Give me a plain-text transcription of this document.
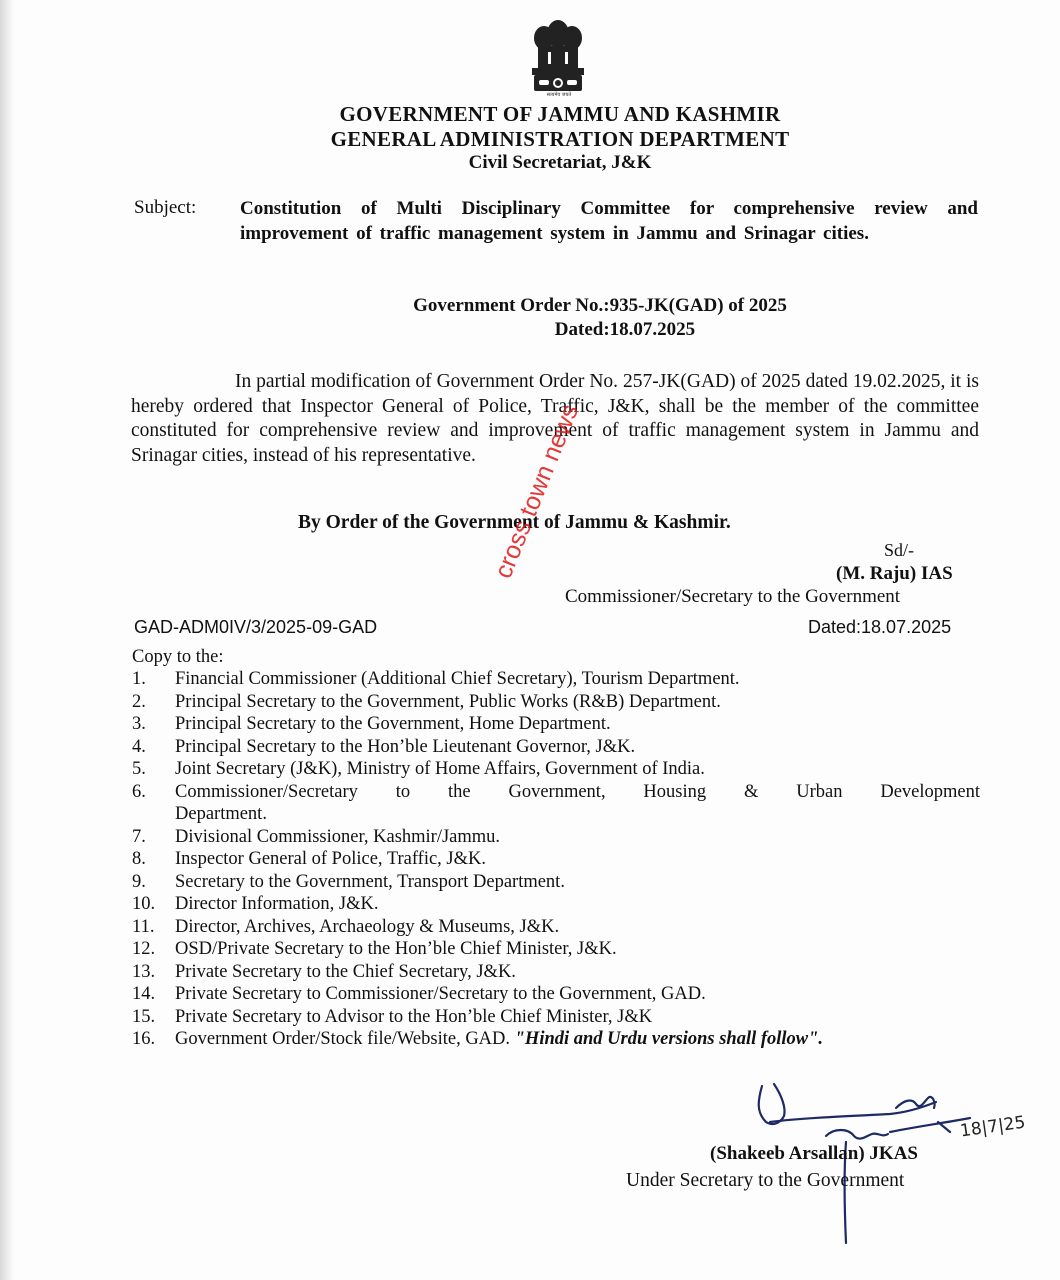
सत्यमेव जयते
GOVERNMENT OF JAMMU AND KASHMIR
GENERAL ADMINISTRATION DEPARTMENT
Civil Secretariat, J&K
Subject: Constitution of Multi Disciplinary Committee for comprehensive review and improvement of traffic management system in Jammu and Srinagar cities.
Government Order No.:935-JK(GAD) of 2025
Dated:18.07.2025
In partial modification of Government Order No. 257-JK(GAD) of 2025 dated 19.02.2025, it is hereby ordered that Inspector General of Police, Traffic, J&K, shall be the member of the committee constituted for comprehensive review and improvement of traffic management system in Jammu and Srinagar cities, instead of his representative.
By Order of the Government of Jammu & Kashmir.
Sd/-
(M. Raju) IAS
Commissioner/Secretary to the Government
GAD-ADM0IV/3/2025-09-GAD	Dated:18.07.2025
Copy to the:
1.	Financial Commissioner (Additional Chief Secretary), Tourism Department.
2.	Principal Secretary to the Government, Public Works (R&B) Department.
3.	Principal Secretary to the Government, Home Department.
4.	Principal Secretary to the Hon’ble Lieutenant Governor, J&K.
5.	Joint Secretary (J&K), Ministry of Home Affairs, Government of India.
6.	Commissioner/Secretary to the Government, Housing & Urban Development
Department.
7.	Divisional Commissioner, Kashmir/Jammu.
8.	Inspector General of Police, Traffic, J&K.
9.	Secretary to the Government, Transport Department.
10.	Director Information, J&K.
11.	Director, Archives, Archaeology & Museums, J&K.
12.	OSD/Private Secretary to the Hon’ble Chief Minister, J&K.
13.	Private Secretary to the Chief Secretary, J&K.
14.	Private Secretary to Commissioner/Secretary to the Government, GAD.
15.	Private Secretary to Advisor to the Hon’ble Chief Minister, J&K
16.	Government Order/Stock file/Website, GAD. "Hindi and Urdu versions shall follow".
cross town news
18|7|25
(Shakeeb Arsallan) JKAS
Under Secretary to the Government
